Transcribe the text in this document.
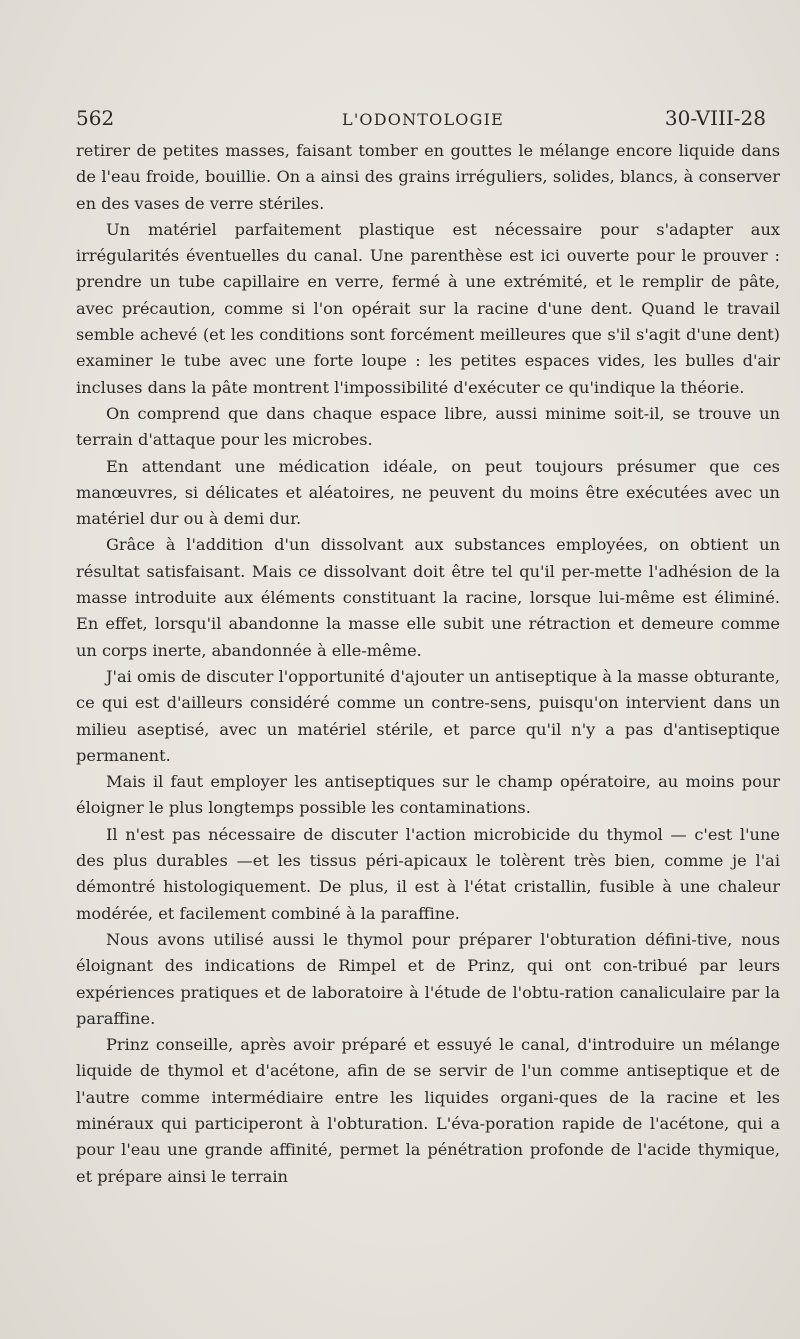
562	L'ODONTOLOGIE	30-VIII-28

retirer de petites masses, faisant tomber en gouttes le mélange encore liquide dans de l'eau froide, bouillie. On a ainsi des grains irréguliers, solides, blancs, à conserver en des vases de verre stériles.

Un matériel parfaitement plastique est nécessaire pour s'adapter aux irrégularités éventuelles du canal. Une parenthèse est ici ouverte pour le prouver : prendre un tube capillaire en verre, fermé à une extrémité, et le remplir de pâte, avec précaution, comme si l'on opérait sur la racine d'une dent. Quand le travail semble achevé (et les conditions sont forcément meilleures que s'il s'agit d'une dent) examiner le tube avec une forte loupe : les petites espaces vides, les bulles d'air incluses dans la pâte montrent l'impossibilité d'exécuter ce qu'indique la théorie.

On comprend que dans chaque espace libre, aussi minime soit-il, se trouve un terrain d'attaque pour les microbes.

En attendant une médication idéale, on peut toujours présumer que ces manœuvres, si délicates et aléatoires, ne peuvent du moins être exécutées avec un matériel dur ou à demi dur.

Grâce à l'addition d'un dissolvant aux substances employées, on obtient un résultat satisfaisant. Mais ce dissolvant doit être tel qu'il per-mette l'adhésion de la masse introduite aux éléments constituant la racine, lorsque lui-même est éliminé. En effet, lorsqu'il abandonne la masse elle subit une rétraction et demeure comme un corps inerte, abandonnée à elle-même.

J'ai omis de discuter l'opportunité d'ajouter un antiseptique à la masse obturante, ce qui est d'ailleurs considéré comme un contre-sens, puisqu'on intervient dans un milieu aseptisé, avec un matériel stérile, et parce qu'il n'y a pas d'antiseptique permanent.

Mais il faut employer les antiseptiques sur le champ opératoire, au moins pour éloigner le plus longtemps possible les contaminations.

Il n'est pas nécessaire de discuter l'action microbicide du thymol — c'est l'une des plus durables —et les tissus péri-apicaux le tolèrent très bien, comme je l'ai démontré histologiquement. De plus, il est à l'état cristallin, fusible à une chaleur modérée, et facilement combiné à la paraffine.

Nous avons utilisé aussi le thymol pour préparer l'obturation défini-tive, nous éloignant des indications de Rimpel et de Prinz, qui ont con-tribué par leurs expériences pratiques et de laboratoire à l'étude de l'obtu-ration canaliculaire par la paraffine.

Prinz conseille, après avoir préparé et essuyé le canal, d'introduire un mélange liquide de thymol et d'acétone, afin de se servir de l'un comme antiseptique et de l'autre comme intermédiaire entre les liquides organi-ques de la racine et les minéraux qui participeront à l'obturation. L'éva-poration rapide de l'acétone, qui a pour l'eau une grande affinité, permet la pénétration profonde de l'acide thymique, et prépare ainsi le terrain
